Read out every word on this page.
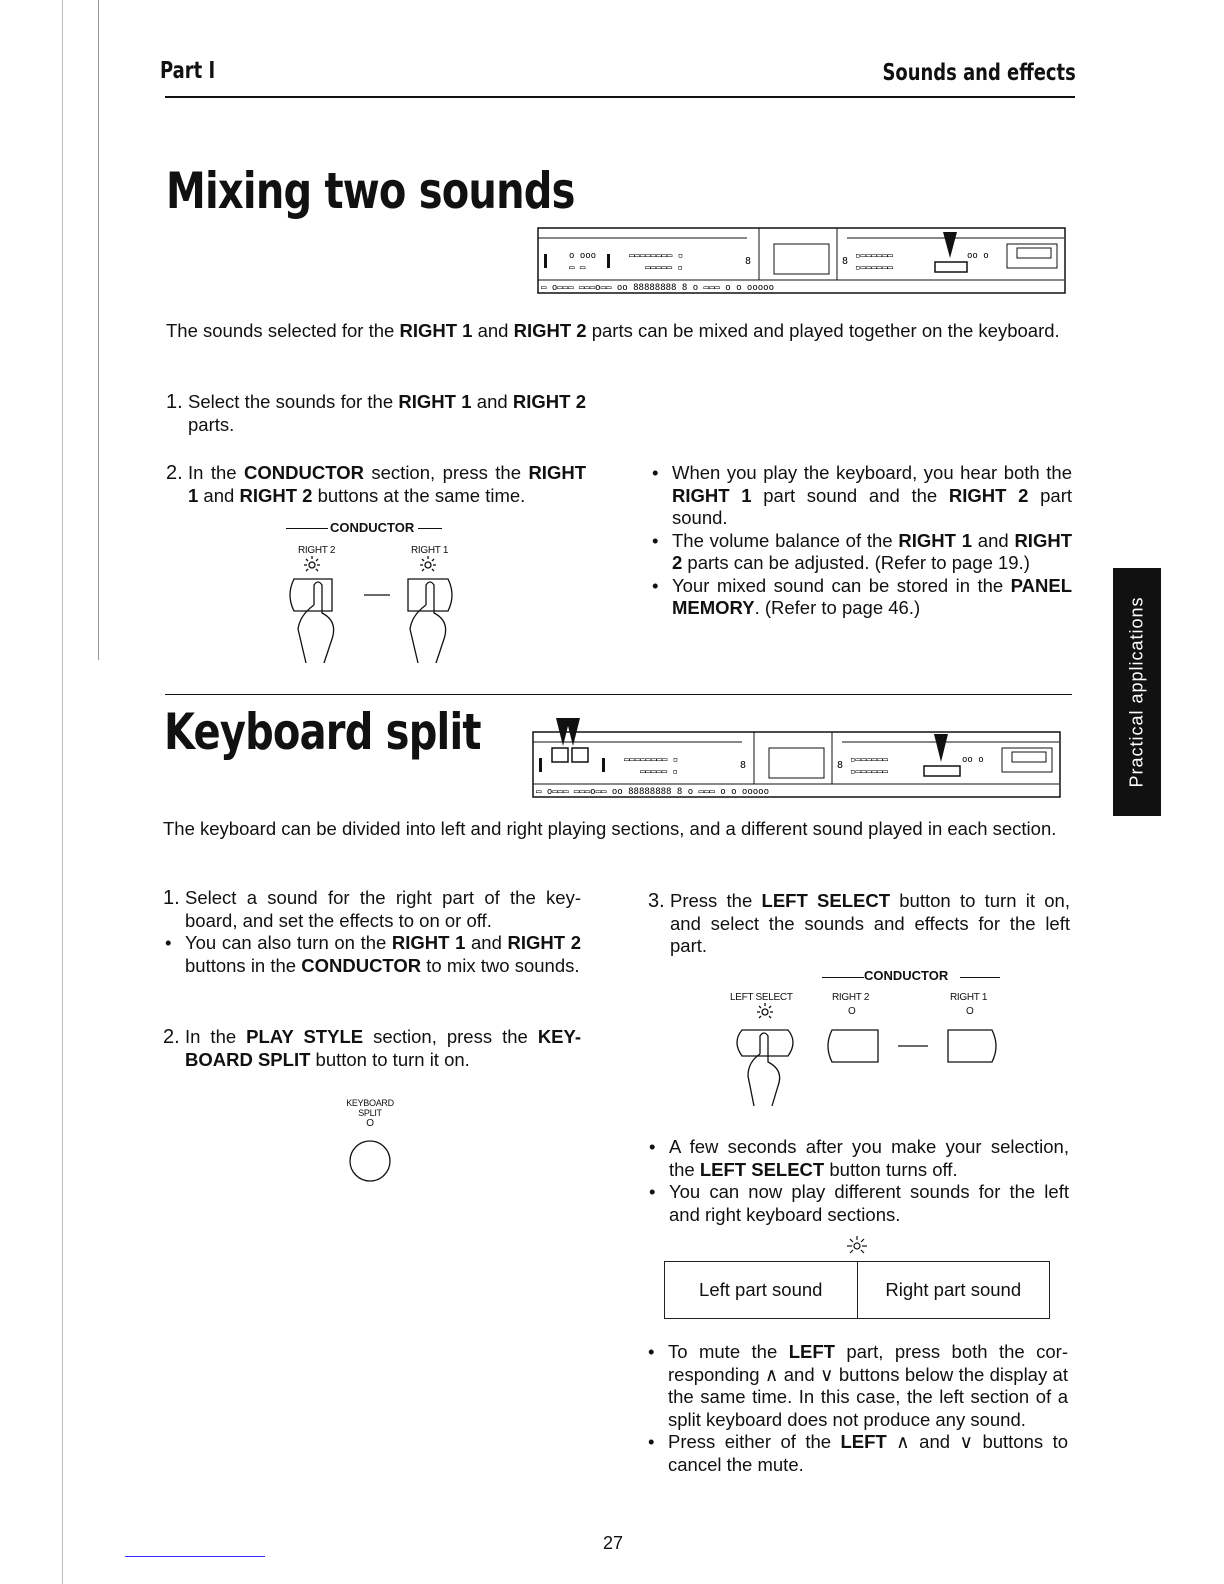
Part I	Sounds and effects
Practical applications
Mixing two sounds
o ooo
▭ ▭
▭▭▭▭▭▭▭▭ ▫
▭▭▭▭▭ ▫
8	8 ▫▭▭▭▭▭▭
▫▭▭▭▭▭▭
oo o
▭ o▭▭▭ ▭▭▭o▭▭ oo 88888888 8 o ▭▭▭ o o ooooo
The sounds selected for the RIGHT 1 and RIGHT 2 parts can be mixed and played together on the keyboard.
1. Select the sounds for the RIGHT 1 and RIGHT 2 parts.
2. In the CONDUCTOR section, press the RIGHT 1 and RIGHT 2 buttons at the same time.
CONDUCTOR
RIGHT 2	RIGHT 1
• When you play the keyboard, you hear both the RIGHT 1 part sound and the RIGHT 2 part sound.
• The volume balance of the RIGHT 1 and RIGHT 2 parts can be adjusted. (Refer to page 19.)
• Your mixed sound can be stored in the PANEL MEMORY. (Refer to page 46.)
Keyboard split	▭▭▭▭▭▭▭▭ ▫
▭▭▭▭▭ ▫
8	8 ▫▭▭▭▭▭▭
▫▭▭▭▭▭▭
oo o
▭ o▭▭▭ ▭▭▭o▭▭ oo 88888888 8 o ▭▭▭ o o ooooo
The keyboard can be divided into left and right playing sections, and a different sound played in each section.
1. Select a sound for the right part of the key-board, and set the effects to on or off.
• You can also turn on the RIGHT 1 and RIGHT 2 buttons in the CONDUCTOR to mix two sounds.
2. In the PLAY STYLE section, press the KEY-BOARD SPLIT button to turn it on.
KEYBOARD
SPLIT
O
3. Press the LEFT SELECT button to turn it on, and select the sounds and effects for the left part.
CONDUCTOR
LEFT SELECT	RIGHT 2	RIGHT 1
O	O
• A few seconds after you make your selection, the LEFT SELECT button turns off.
• You can now play different sounds for the left and right keyboard sections.
Left part sound	Right part sound
• To mute the LEFT part, press both the cor-responding ∧ and ∨ buttons below the display at the same time. In this case, the left section of a split keyboard does not produce any sound.
• Press either of the LEFT ∧ and ∨ buttons to cancel the mute.
27
